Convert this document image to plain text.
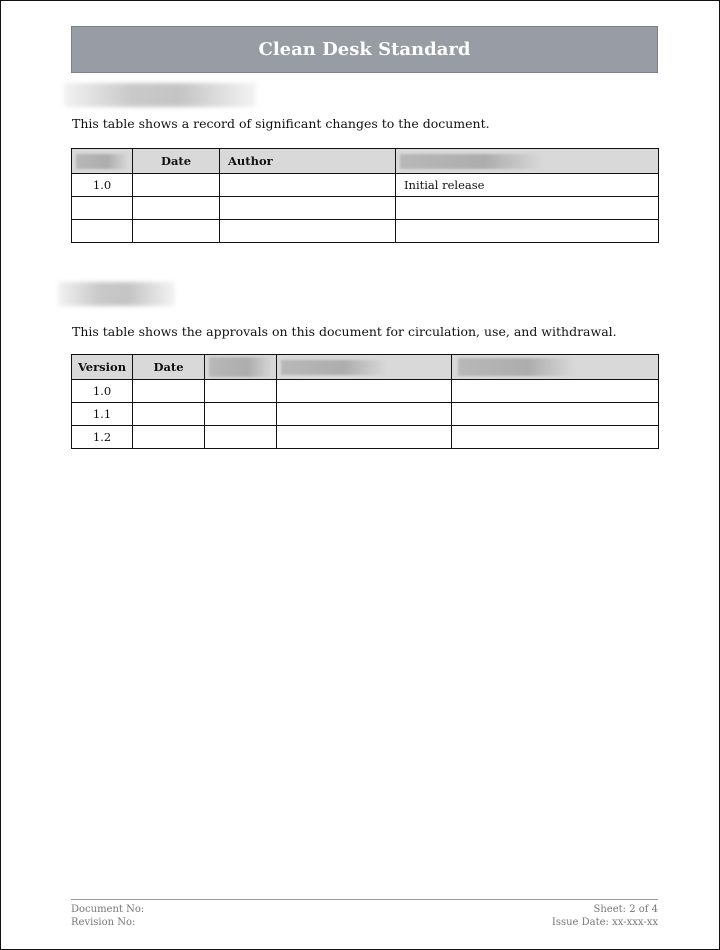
Clean Desk Standard
This table shows a record of significant changes to the document.
	Date	Author	
1.0			Initial release

This table shows the approvals on this document for circulation, use, and withdrawal.
Version	Date			
1.0				
1.1				
1.2				
Document No:	Sheet: 2 of 4
Revision No:	Issue Date: xx-xxx-xx
